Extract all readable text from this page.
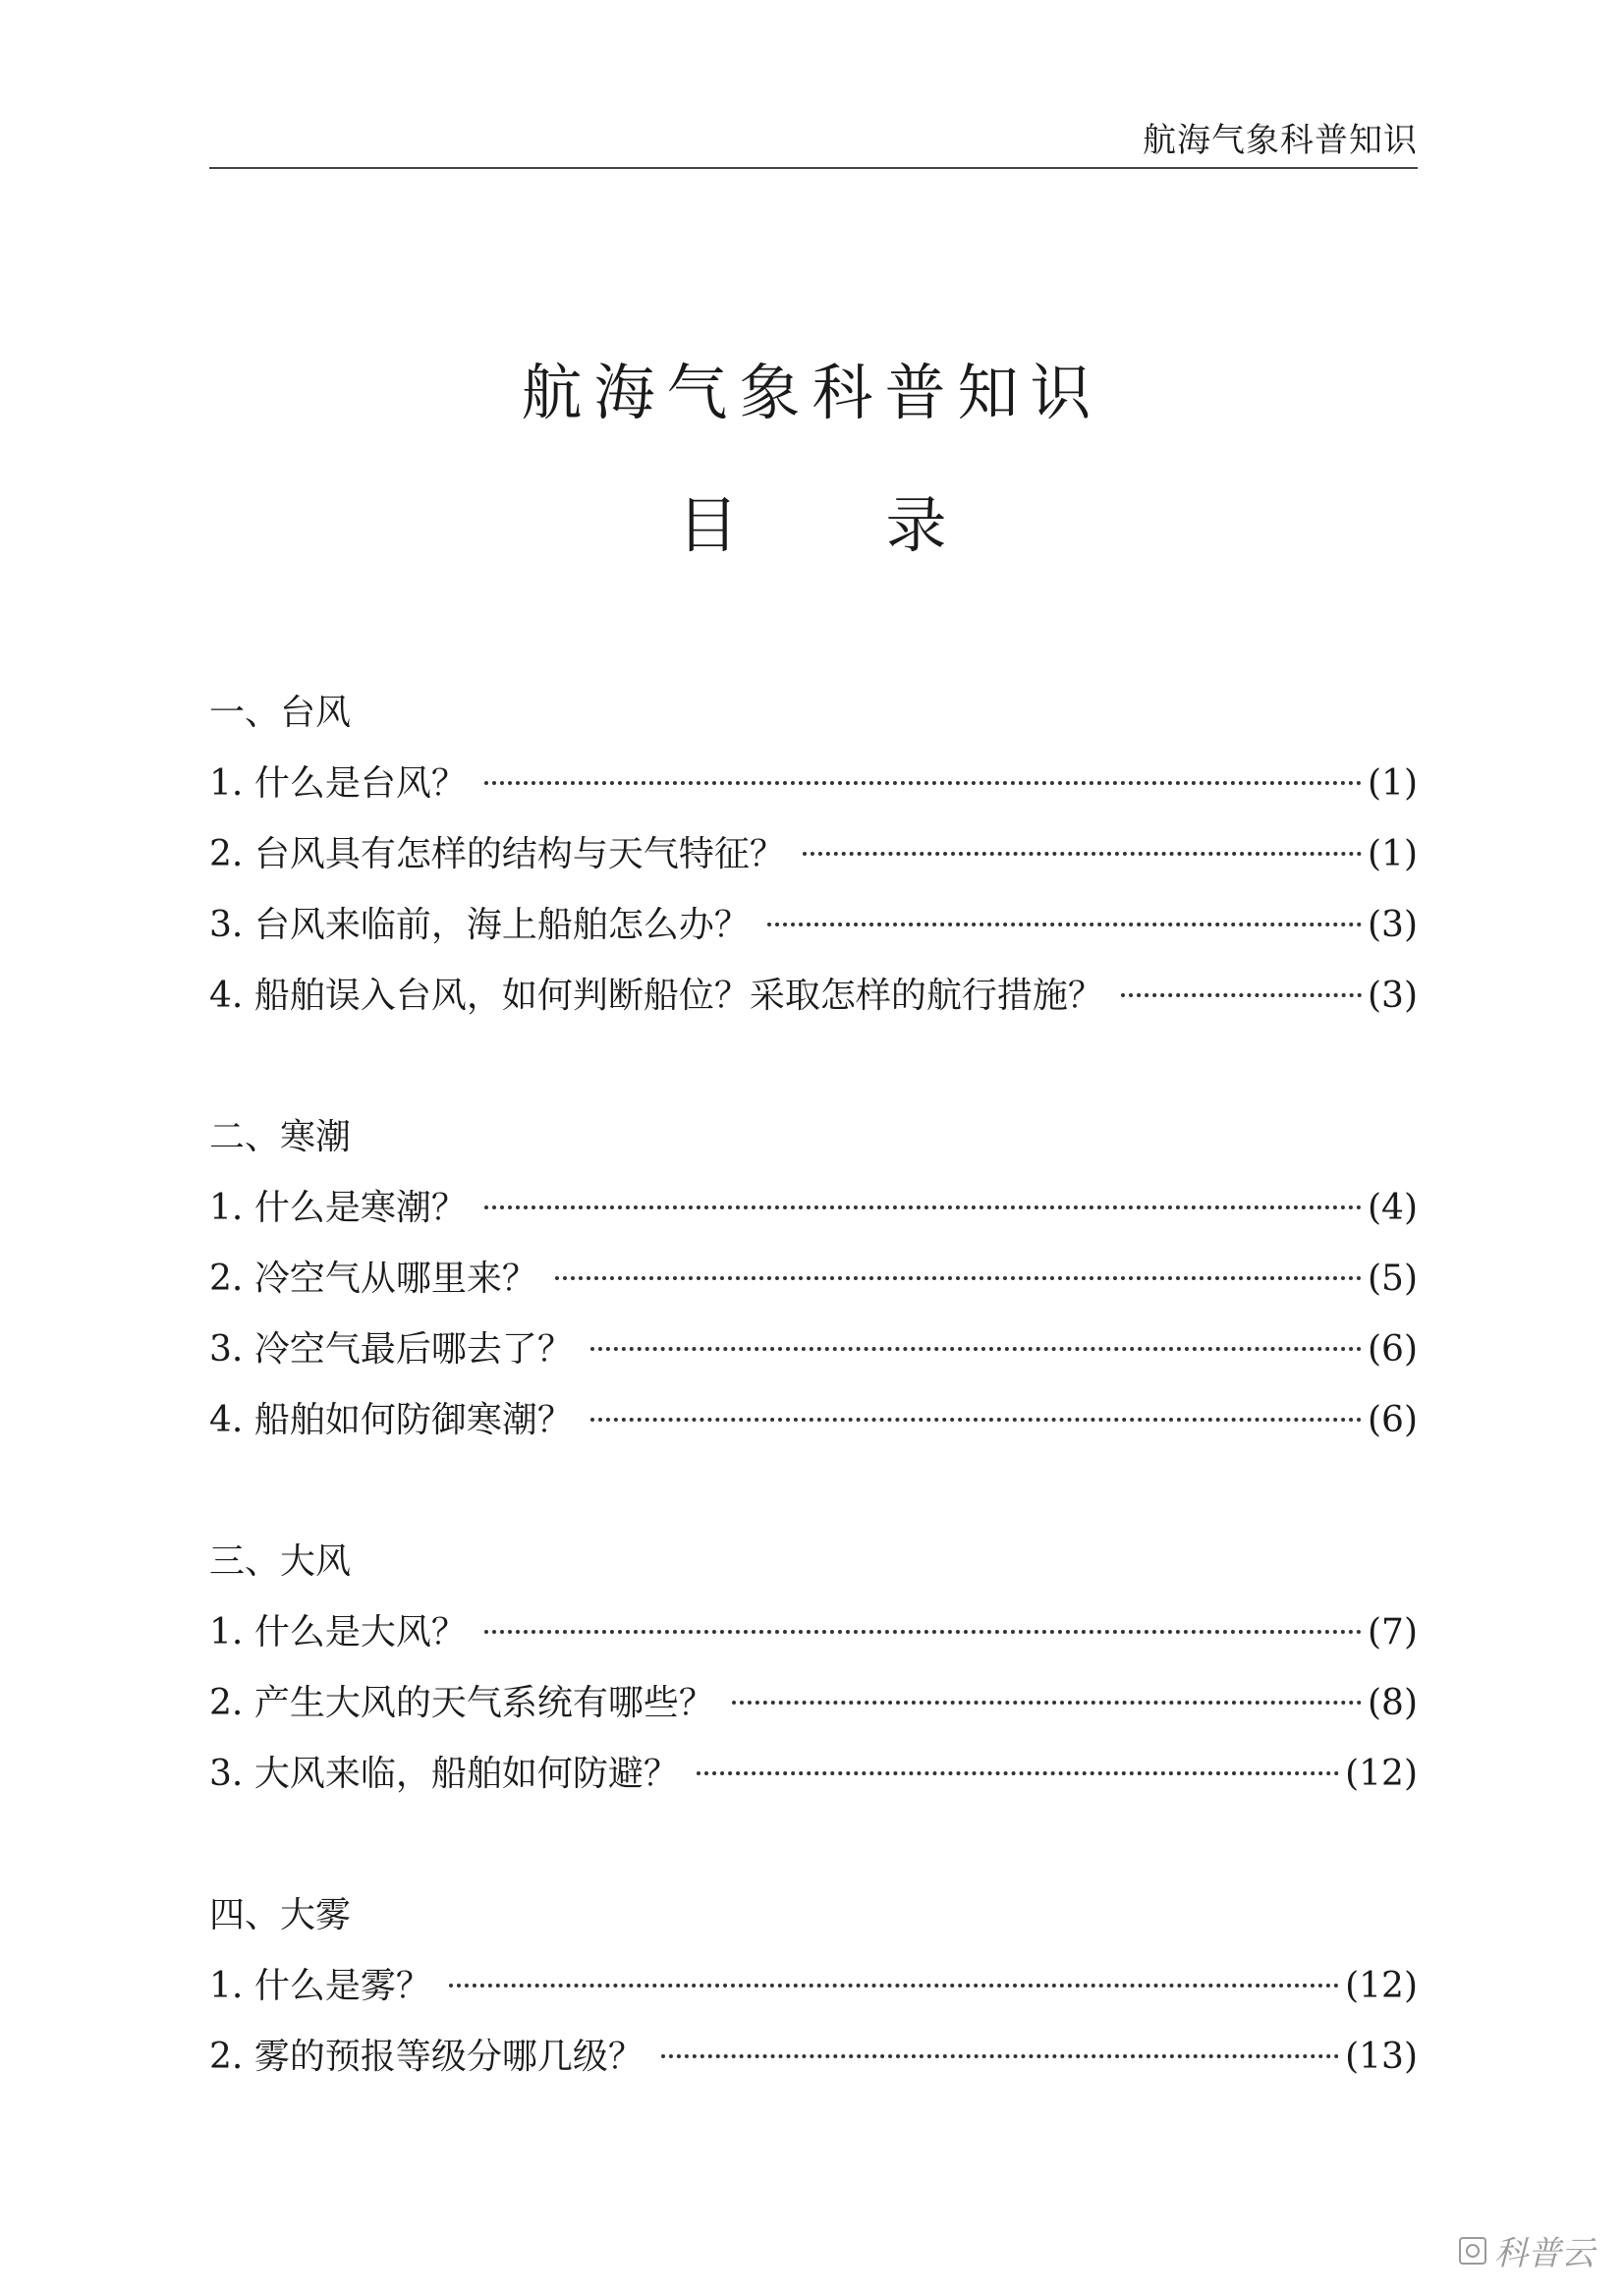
航海气象科普知识
航海气象科普知识
目录
一、台风
1.
什么是台风？	(1)
2.
台风具有怎样的结构与天气特征？	(1)
3.
台风来临前，海上船舶怎么办？	(3)
4.
船舶误入台风，如何判断船位？采取怎样的航行措施？	(3)
二、寒潮
1.
什么是寒潮？	(4)
2.
冷空气从哪里来？	(5)
3.
冷空气最后哪去了？	(6)
4.
船舶如何防御寒潮？	(6)
三、大风
1.
什么是大风？	(7)
2.
产生大风的天气系统有哪些？	(8)
3.
大风来临，船舶如何防避？	(12)
四、大雾
1.
什么是雾？	(12)
2.
雾的预报等级分哪几级？	(13)
科普云
